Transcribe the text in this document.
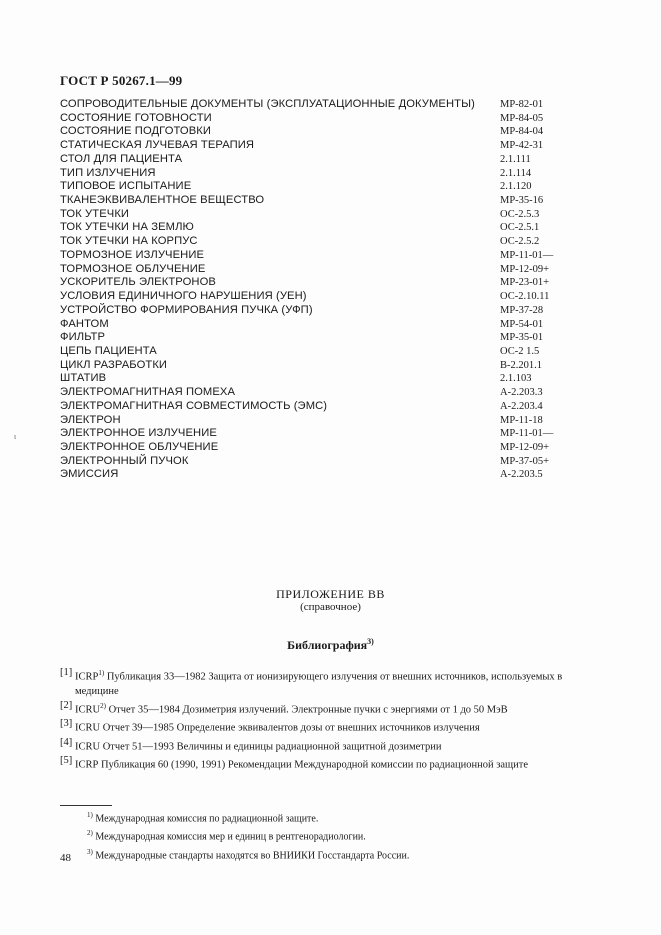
ГОСТ Р 50267.1—99
СОПРОВОДИТЕЛЬНЫЕ ДОКУМЕНТЫ (ЭКСПЛУАТАЦИОННЫЕ ДОКУМЕНТЫ) МР-82-01
СОСТОЯНИЕ ГОТОВНОСТИ	МР-84-05
СОСТОЯНИЕ ПОДГОТОВКИ	МР-84-04
СТАТИЧЕСКАЯ ЛУЧЕВАЯ ТЕРАПИЯ	МР-42-31
СТОЛ ДЛЯ ПАЦИЕНТА	2.1.111
ТИП ИЗЛУЧЕНИЯ	2.1.114
ТИПОВОЕ ИСПЫТАНИЕ	2.1.120
ТКАНЕЭКВИВАЛЕНТНОЕ ВЕЩЕСТВО	МР-35-16
ТОК УТЕЧКИ	ОС-2.5.3
ТОК УТЕЧКИ НА ЗЕМЛЮ	ОС-2.5.1
ТОК УТЕЧКИ НА КОРПУС	ОС-2.5.2
ТОРМОЗНОЕ ИЗЛУЧЕНИЕ	МР-11-01—
ТОРМОЗНОЕ ОБЛУЧЕНИЕ	МР-12-09+
УСКОРИТЕЛЬ ЭЛЕКТРОНОВ	МР-23-01+
УСЛОВИЯ ЕДИНИЧНОГО НАРУШЕНИЯ (УЕН)	ОС-2.10.11
УСТРОЙСТВО ФОРМИРОВАНИЯ ПУЧКА (УФП)	МР-37-28
ФАНТОМ	МР-54-01
ФИЛЬТР	МР-35-01
ЦЕПЬ ПАЦИЕНТА	ОС-2 1.5
ЦИКЛ РАЗРАБОТКИ	В-2.201.1
ШТАТИВ	2.1.103
ЭЛЕКТРОМАГНИТНАЯ ПОМЕХА	А-2.203.3
ЭЛЕКТРОМАГНИТНАЯ СОВМЕСТИМОСТЬ (ЭМС)	А-2.203.4
ЭЛЕКТРОН	МР-11-18
ЭЛЕКТРОННОЕ ИЗЛУЧЕНИЕ	МР-11-01—
ЭЛЕКТРОННОЕ ОБЛУЧЕНИЕ	МР-12-09+
ЭЛЕКТРОННЫЙ ПУЧОК	МР-37-05+
ЭМИССИЯ	А-2.203.5
ι
ПРИЛОЖЕНИЕ ВВ
(справочное)
Библиография$^{3)}$
[1] ICRP$^{1)}$ Публикация 33—1982 Защита от ионизирующего излучения от внешних источников, используемых в медицине
[2] ICRU$^{2)}$ Отчет 35—1984 Дозиметрия излучений. Электронные пучки с энергиями от 1 до 50 МэВ
[3] ICRU Отчет 39—1985 Определение эквивалентов дозы от внешних источников излучения
[4] ICRU Отчет 51—1993 Величины и единицы радиационной защитной дозиметрии
[5] ICRP Публикация 60 (1990, 1991) Рекомендации Международной комиссии по радиационной защите
$^{1)}$ Международная комиссия по радиационной защите.
$^{2)}$ Международная комиссия мер и единиц в рентгенорадиологии.
$^{3)}$ Международные стандарты находятся во ВНИИКИ Госстандарта России.
48
